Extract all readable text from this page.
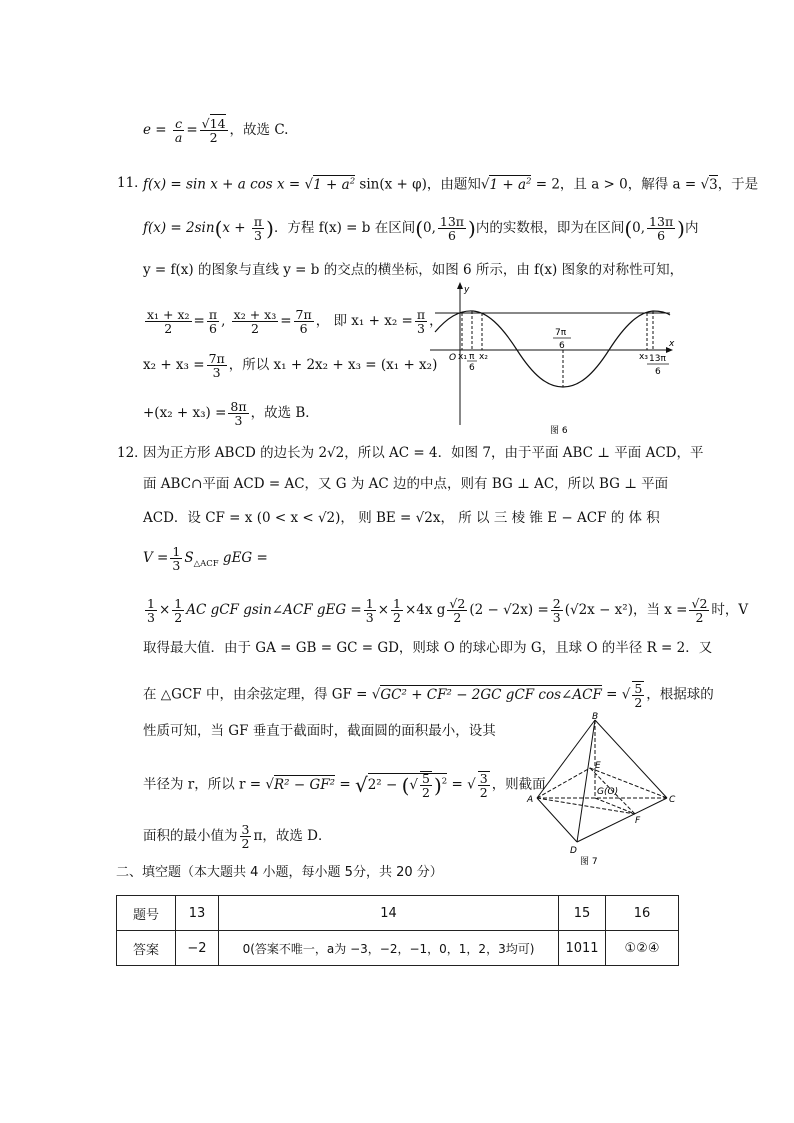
$e = \frac{c}{a} = \frac{√14}{2}$ ，故选 C.
11．
f(x) = sin x + a $\cos x = √1 + a^2$ sin(x + φ)，由题知$√1 + a^2 = 2$，且 a > 0，解得 a = √3，于是
$f(x) = 2\sin(x + \frac{\pi}{3}$ )．方程 f(x) = b 在区间(0, $\frac{13\pi}{6}$ )内的实数根，即为在区间(0, $\frac{13\pi}{6}$ )内
y = f(x) 的图象与直线 y = b 的交点的横坐标，如图 6 所示，由 f(x) 图象的对称性可知，
$\frac{\text{x₁ + x₂}}{2} = \frac{\pi}{6}$ , $\frac{\text{x₂ + x₃}}{2} = \frac{7\pi}{6}$ ， 即 $x_1 + x_2 = \frac{\pi}{3}$ ，
$x_2 + x_3 = \frac{7\pi}{3}$ ，所以 x₁ + 2x₂ + x₃ = (x₁ + x₂)
$+(x_2 + x_3) = \frac{8\pi}{3}$ ，故选 B．
y
x
O x₁ π
6
x₂
7π
6
x₃ 13π
6
图 6
12．
因为正方形 ABCD 的边长为 2√2，所以 AC = 4．如图 7，由于平面 ABC ⊥ 平面 ACD，平
面 ABC∩平面 ACD = AC，又 G 为 AC 边的中点，则有 BG ⊥ AC，所以 BG ⊥ 平面
ACD．设 CF = x (0 < x < √2)， 则 BE = √2x， 所 以 三 棱 锥 E − ACF 的 体 积
$V = \frac{1}{3} S_{\triangle ACF}$ gEG =
$\frac{1}{3} \times \frac{1}{2}$ AC gCF gsin∠ACF gEG = $\frac{1}{3} \times \frac{1}{2} \times 4x$ g $\frac{√2}{2} (2 - √2x) = \frac{2}{3} (√2x - x^2)$，当 $x = \frac{√2}{2}$ 时，V
取得最大值．由于 GA = GB = GC = GD，则球 O 的球心即为 G，且球 O 的半径 R = 2．又
在 △GCF 中，由余弦定理，得 GF = √GC² + CF² − 2GC gCF cos∠ACF = √ $\frac{5}{2}$ ，根据球的
性质可知，当 GF 垂直于截面时，截面圆的面积最小，设其
半径为 r，所以 r = √R² − GF² = √2² − (√ $\frac{5}{2} )^2$ = √ $\frac{3}{2}$ ，则截面
面积的最小值为 $\frac{3}{2}$ π，故选 D．
B
E
A
G(O)
C
F
D
图 7
二、填空题（本大题共 4 小题，每小题 5分，共 20 分）
题号	13	14	15	16
答案	−2	0(答案不唯一，a为 −3，−2，−1，0，1，2，3均可)	1011	①②④
